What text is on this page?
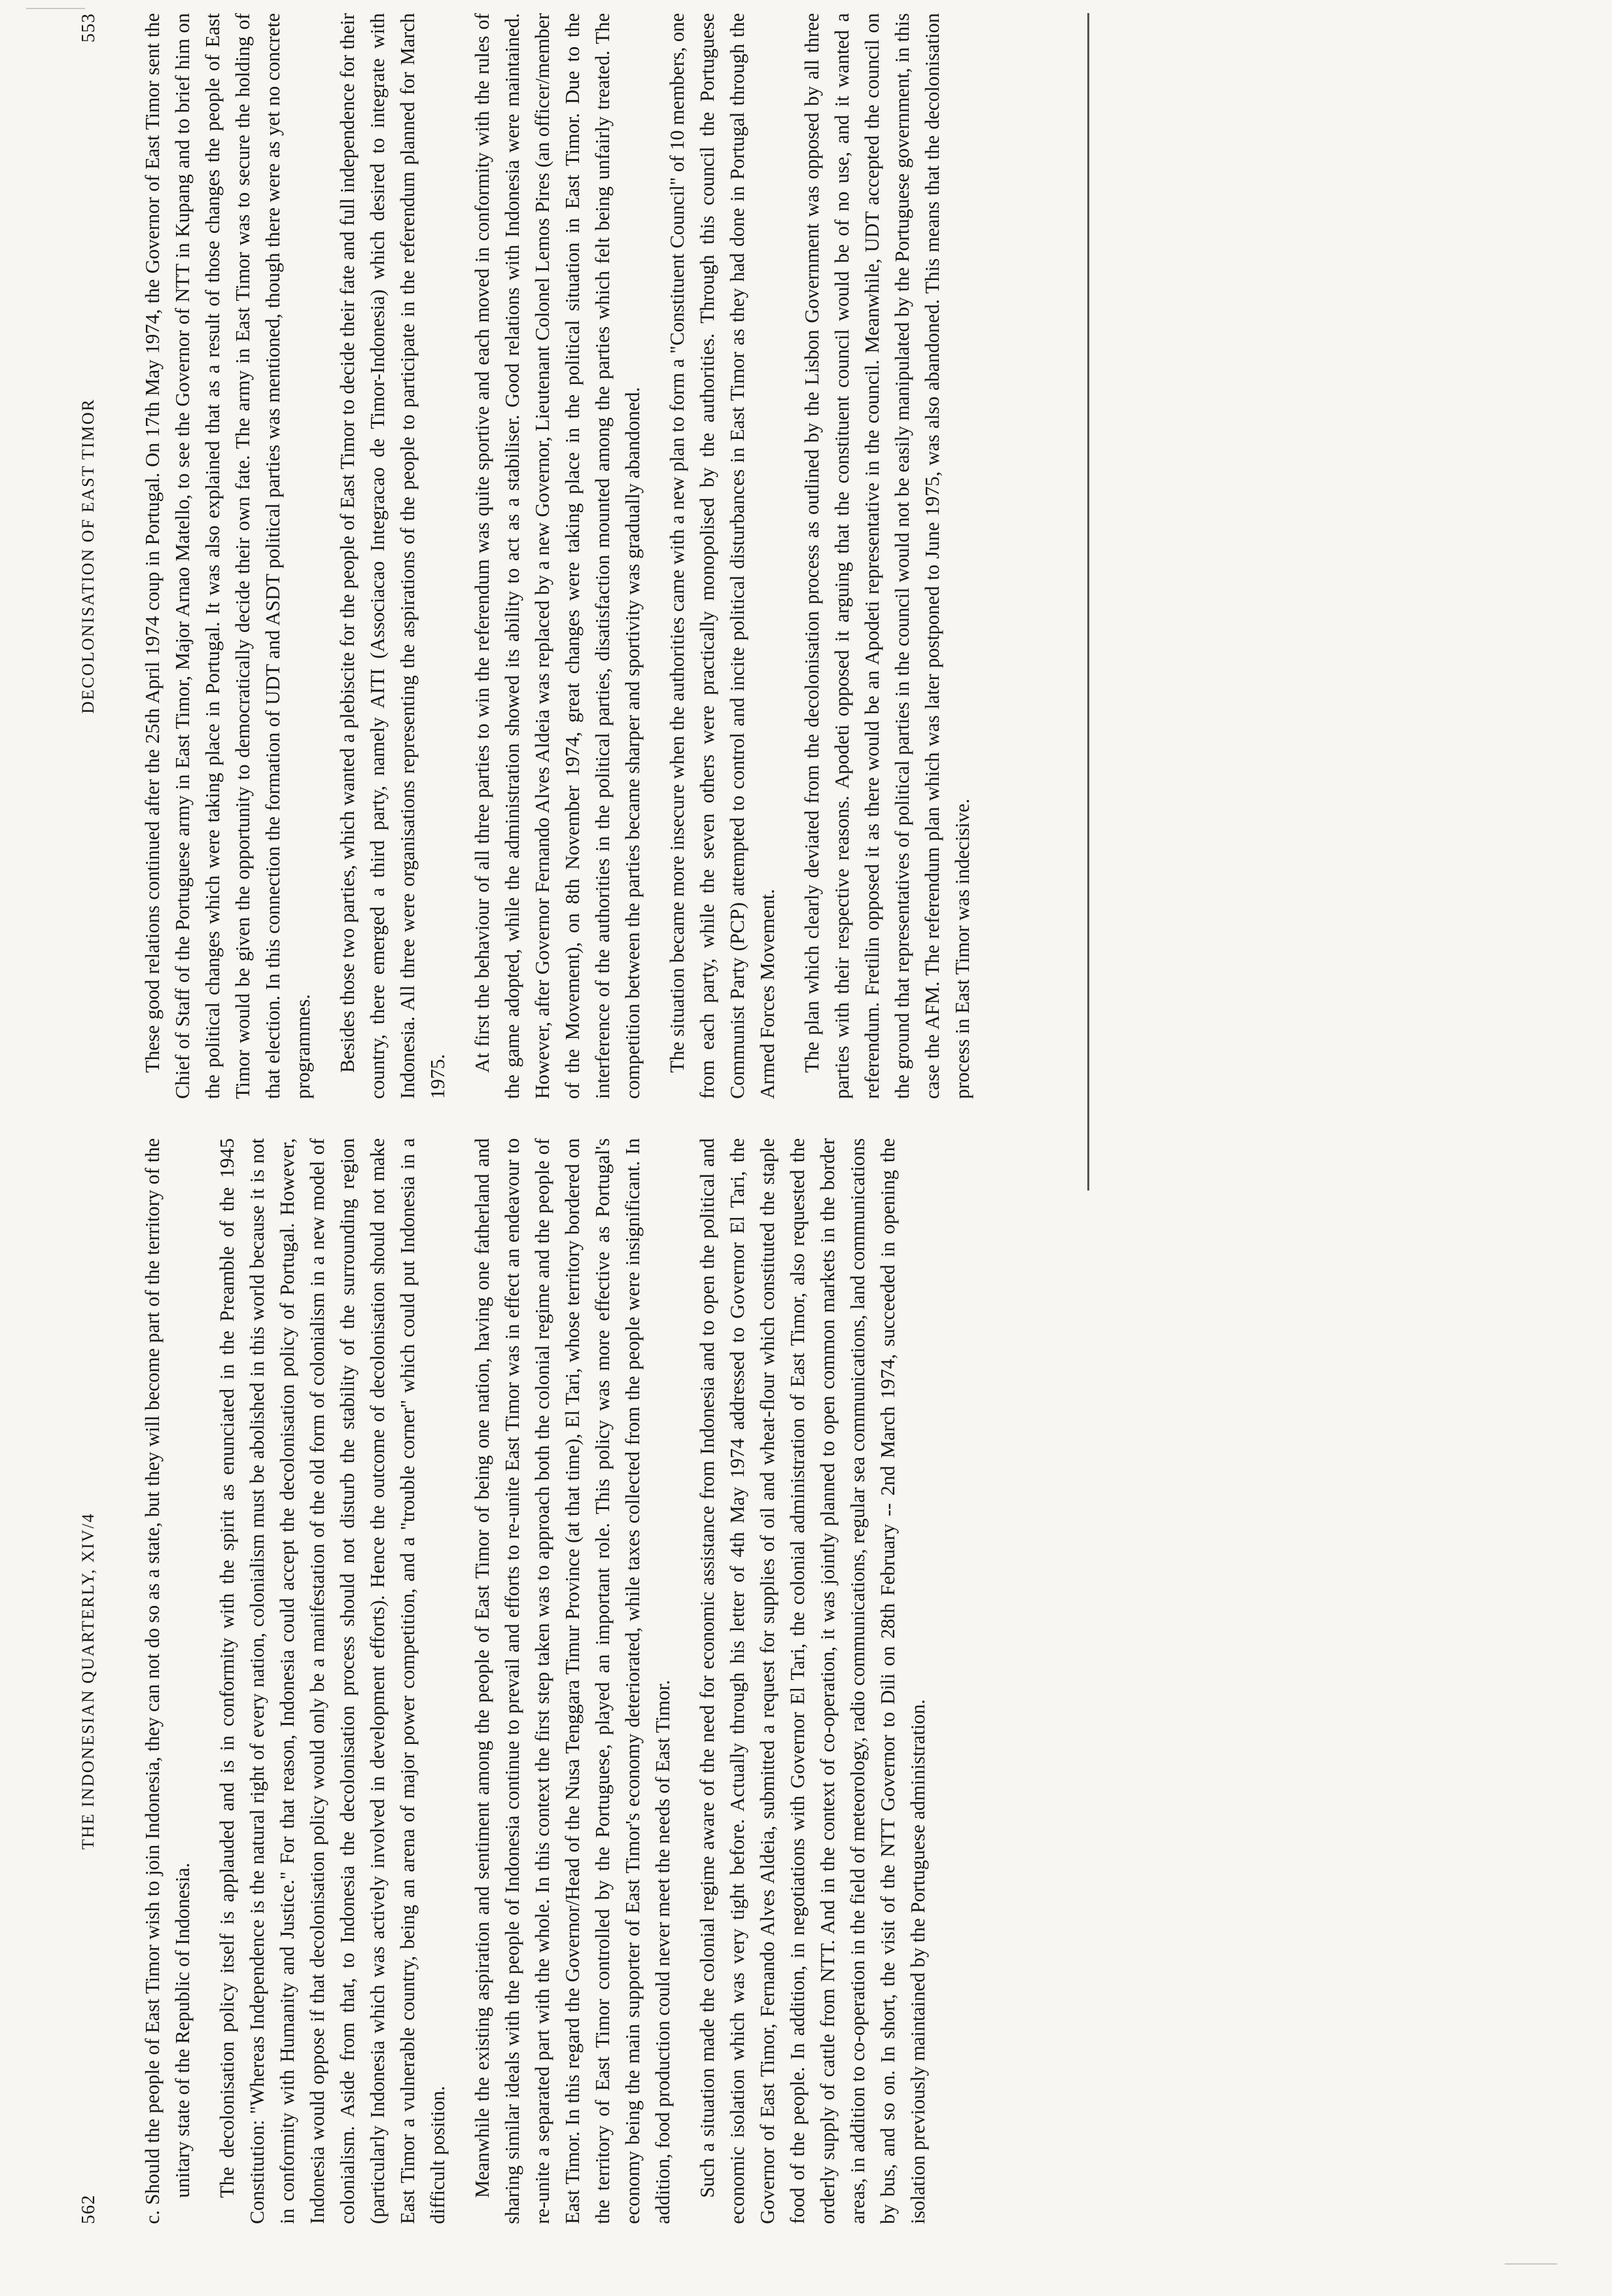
562
THE INDONESIAN QUARTERLY, XIV/4 c. Should the people of East Timor wish to join Indonesia, they can not do so as a state, but they will become part of the territory of the unitary state of the Republic of Indonesia. The decolonisation policy itself is applauded and is in conformity with the spirit as enunciated in the Preamble of the 1945 Constitution: "Whereas Independence is the natural right of every nation, colonialism must be abolished in this world because it is not in conformity with Humanity and Justice." For that reason, Indonesia could accept the decolonisation policy of Portugal. However, Indonesia would oppose if that decolonisation policy would only be a manifestation of the old form of colonialism in a new model of colonialism. Aside from that, to Indonesia the decolonisation process should not disturb the stability of the surrounding region (particularly Indonesia which was actively involved in development efforts). Hence the outcome of decolonisation should not make East Timor a vulnerable country, being an arena of major power competition, and a "trouble corner" which could put Indonesia in a difficult position. Meanwhile the existing aspiration and sentiment among the people of East Timor of being one nation, having one fatherland and sharing similar ideals with the people of Indonesia continue to prevail and efforts to re-unite East Timor was in effect an endeavour to re-unite a separated part with the whole. In this context the first step taken was to approach both the colonial regime and the people of East Timor. In this regard the Governor/Head of the Nusa Tenggara Timur Province (at that time), El Tari, whose territory bordered on the territory of East Timor controlled by the Portuguese, played an important role. This policy was more effective as Portugal's economy being the main supporter of East Timor's economy deteriorated, while taxes collected from the people were insignificant. In addition, food production could never meet the needs of East Timor. Such a situation made the colonial regime aware of the need for economic assistance from Indonesia and to open the political and economic isolation which was very tight before. Actually through his letter of 4th May 1974 addressed to Governor El Tari, the Governor of East Timor, Fernando Alves Aldeia, submitted a request for supplies of oil and wheat-flour which constituted the staple food of the people. In addition, in negotiations with Governor El Tari, the colonial administration of East Timor, also requested the orderly supply of cattle from NTT. And in the context of co-operation, it was jointly planned to open common markets in the border areas, in addition to co-operation in the field of meteorology, radio communications, regular sea communications, land communications by bus, and so on. In short, the visit of the NTT Governor to Dili on 28th February -- 2nd March 1974, succeeded in opening the isolation previously maintained by the Portuguese administration.

553
DECOLONISATION OF EAST TIMOR These good relations continued after the 25th April 1974 coup in Portugal. On 17th May 1974, the Governor of East Timor sent the Chief of Staff of the Portuguese army in East Timor, Major Arnao Matello, to see the Governor of NTT in Kupang and to brief him on the political changes which were taking place in Portugal. It was also explained that as a result of those changes the people of East Timor would be given the opportunity to democratically decide their own fate. The army in East Timor was to secure the holding of that election. In this connection the formation of UDT and ASDT political parties was mentioned, though there were as yet no concrete programmes. Besides those two parties, which wanted a plebiscite for the people of East Timor to decide their fate and full independence for their country, there emerged a third party, namely AITI (Associacao Integracao de Timor-Indonesia) which desired to integrate with Indonesia. All three were organisations representing the aspirations of the people to participate in the referendum planned for March 1975.

At first the behaviour of all three parties to win the referendum was quite sportive and each moved in conformity with the rules of the game adopted, while the administration showed its ability to act as a stabiliser. Good relations with Indonesia were maintained. However, after Governor Fernando Alves Aldeia was replaced by a new Governor, Lieutenant Colonel Lemos Pires (an officer/member of the Movement), on 8th November 1974, great changes were taking place in the political situation in East Timor. Due to the interference of the authorities in the political parties, disatisfaction mounted among the parties which felt being unfairly treated. The competition between the parties became sharper and sportivity was gradually abandoned. The situation became more insecure when the authorities came with a new plan to form a "Constituent Council" of 10 members, one from each party, while the seven others were practically monopolised by the authorities. Through this council the Portuguese Communist Party (PCP) attempted to control and incite political disturbances in East Timor as they had done in Portugal through the Armed Forces Movement. The plan which clearly deviated from the decolonisation process as outlined by the Lisbon Government was opposed by all three parties with their respective reasons. Apodeti opposed it arguing that the constituent council would be of no use, and it wanted a referendum. Fretilin opposed it as there would be an Apodeti representative in the council. Meanwhile, UDT accepted the council on the ground that representatives of political parties in the council would not be easily manipulated by the Portuguese government, in this case the AFM. The referendum plan which was later postponed to June 1975, was also abandoned. This means that the decolonisation process in East Timor was indecisive.
